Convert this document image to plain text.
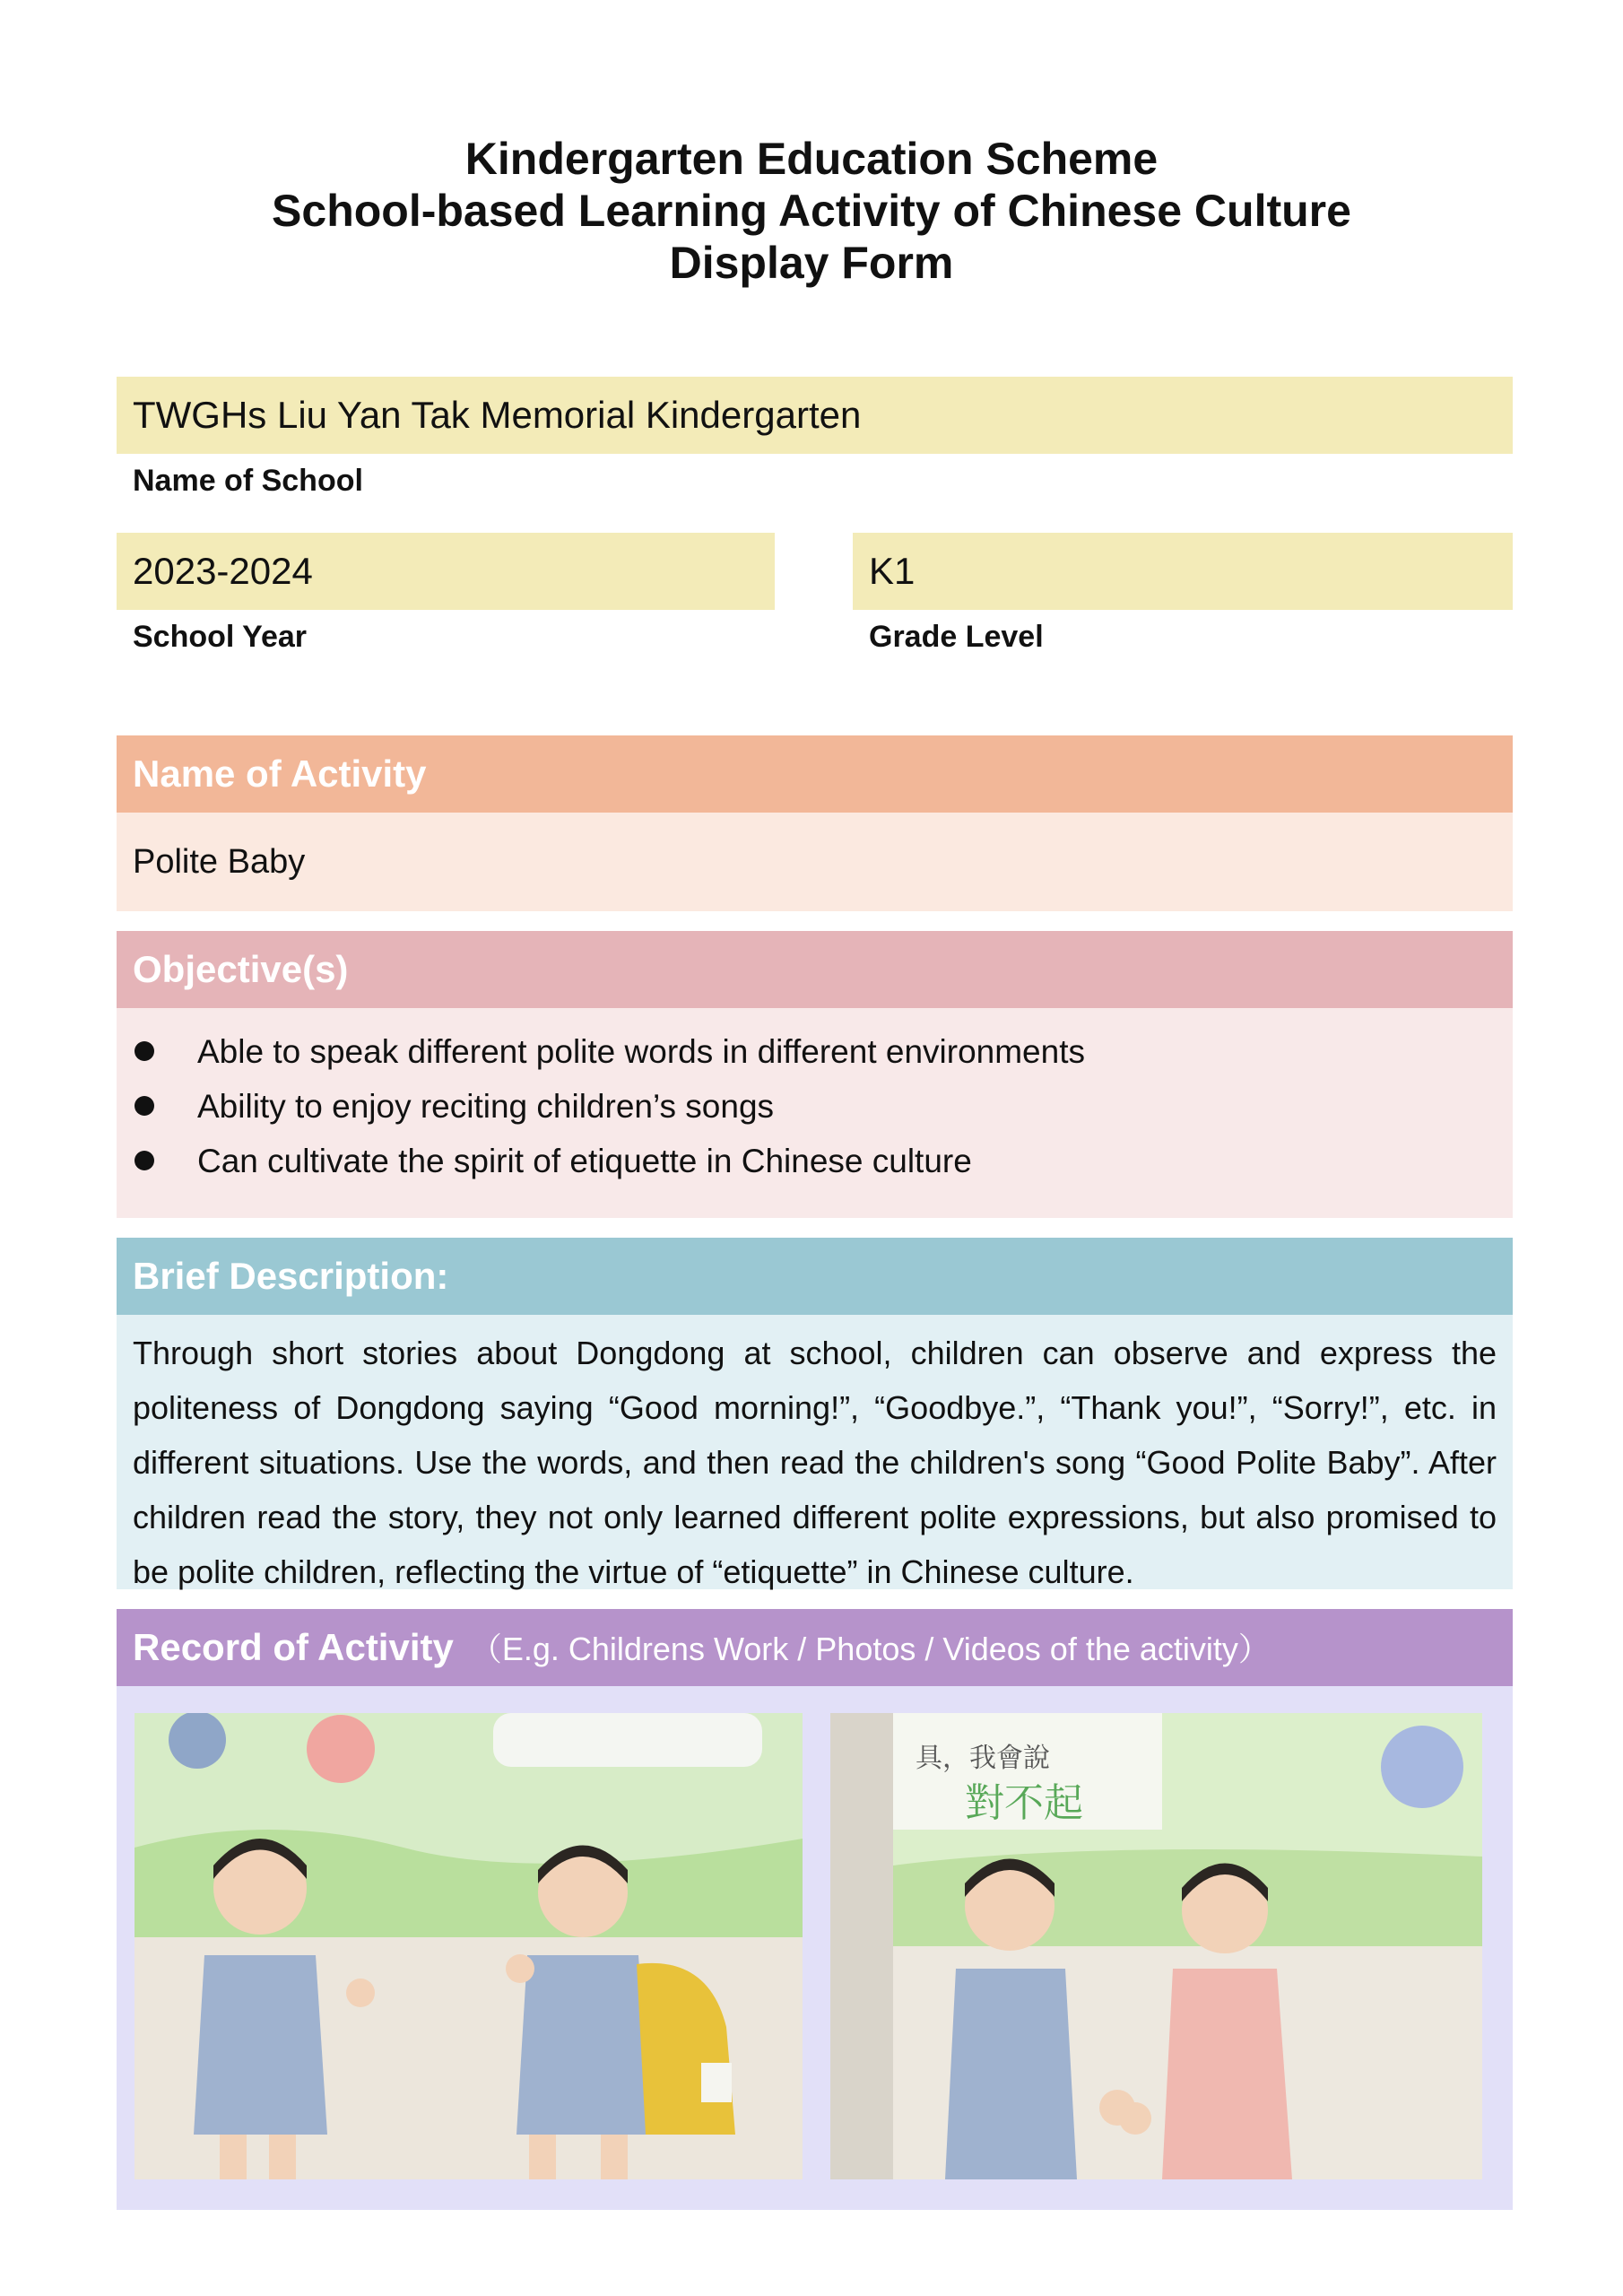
Kindergarten Education Scheme
School-based Learning Activity of Chinese Culture
Display Form
TWGHs Liu Yan Tak Memorial Kindergarten
Name of School
2023-2024
School Year
K1
Grade Level
Name of Activity
Polite Baby
Objective(s)
Able to speak different polite words in different environments
Ability to enjoy reciting children’s songs
Can cultivate the spirit of etiquette in Chinese culture
Brief Description:
Through short stories about Dongdong at school, children can observe and express the politeness of Dongdong saying “Good morning!”, “Goodbye.”, “Thank you!”, “Sorry!”, etc. in different situations. Use the words, and then read the children's song “Good Polite Baby”. After children read the story, they not only learned different polite expressions, but also promised to be polite children, reflecting the virtue of “etiquette” in Chinese culture.
Record of Activity （E.g. Childrens Work / Photos / Videos of the activity）
具，我會說
對不起
